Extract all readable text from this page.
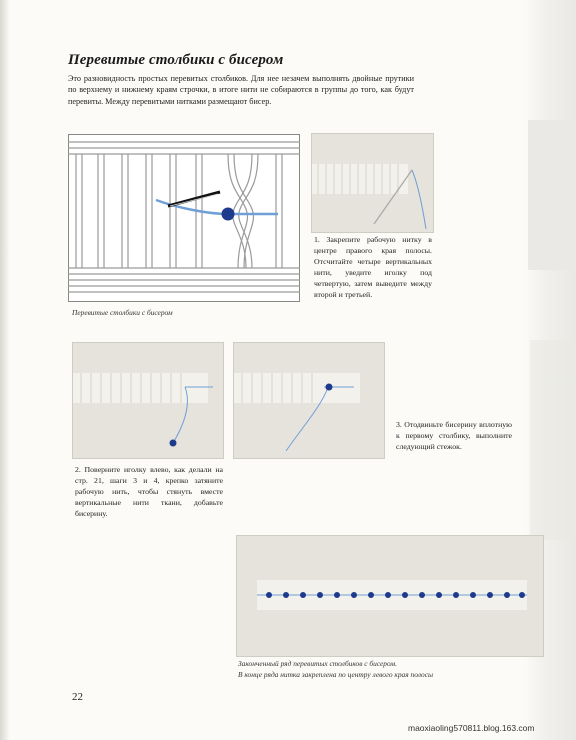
Перевитые столбики с бисером
Это разновидность простых перевитых столбиков. Для нее незачем выполнять двойные прутики по верхнему и нижнему краям строчки, в итоге нити не собираются в группы до того, как будут перевиты. Между перевитыми нитками размещают бисер.
Перевитые столбики с бисером
1. Закрепите рабочую нитку в центре правого края полосы. Отсчитайте четыре вертикальных нити, уведите иголку под четвертую, затем выведите между второй и третьей.
2. Поверните иголку влево, как делали на стр. 21, шаги 3 и 4, крепко затяните рабочую нить, чтобы стянуть вместе вертикальные нити ткани, добавьте бисерину.
3. Отодвиньте бисерину вплотную к первому столбику, выполните следующий стежок.
Законченный ряд перевитых столбиков с бисером.
В конце ряда нитка закреплена по центру левого края полосы
22
maoxiaoling570811.blog.163.com
